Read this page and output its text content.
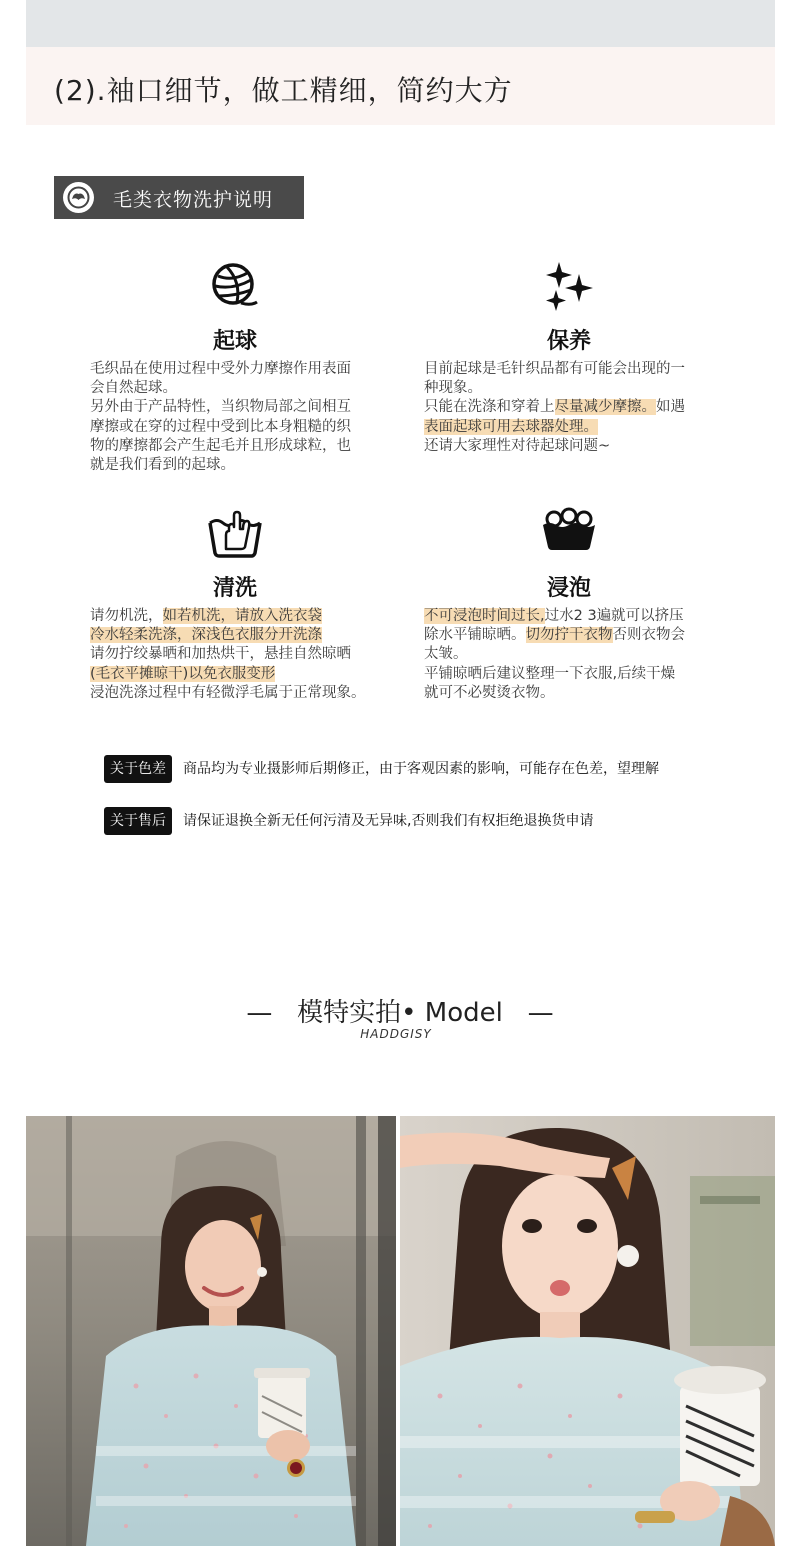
(2).袖口细节，做工精细，简约大方
毛类衣物洗护说明
起球

毛织品在使用过程中受外力摩擦作用表面

会自然起球。

另外由于产品特性，当织物局部之间相互

摩擦或在穿的过程中受到比本身粗糙的织

物的摩擦都会产生起毛并且形成球粒，也

就是我们看到的起球。

保养

目前起球是毛针织品都有可能会出现的一

种现象。

只能在洗涤和穿着上尽量减少摩擦。如遇

表面起球可用去球器处理。

还请大家理性对待起球问题~

清洗

请勿机洗，如若机洗，请放入洗衣袋

冷水轻柔洗涤，深浅色衣服分开洗涤

请勿拧绞暴晒和加热烘干，悬挂自然晾晒

(毛衣平摊晾干)以免衣服变形

浸泡洗涤过程中有轻微浮毛属于正常现象。

浸泡

不可浸泡时间过长,过水2 3遍就可以挤压

除水平铺晾晒。切勿拧干衣物否则衣物会

太皱。

平铺晾晒后建议整理一下衣服,后续干燥

就可不必熨烫衣物。

关于色差	商品均为专业摄影师后期修正，由于客观因素的影响，可能存在色差，望理解
关于售后	请保证退换全新无任何污清及无异味,否则我们有权拒绝退换货申请
— 模特实拍• Model —
HADDGISY
